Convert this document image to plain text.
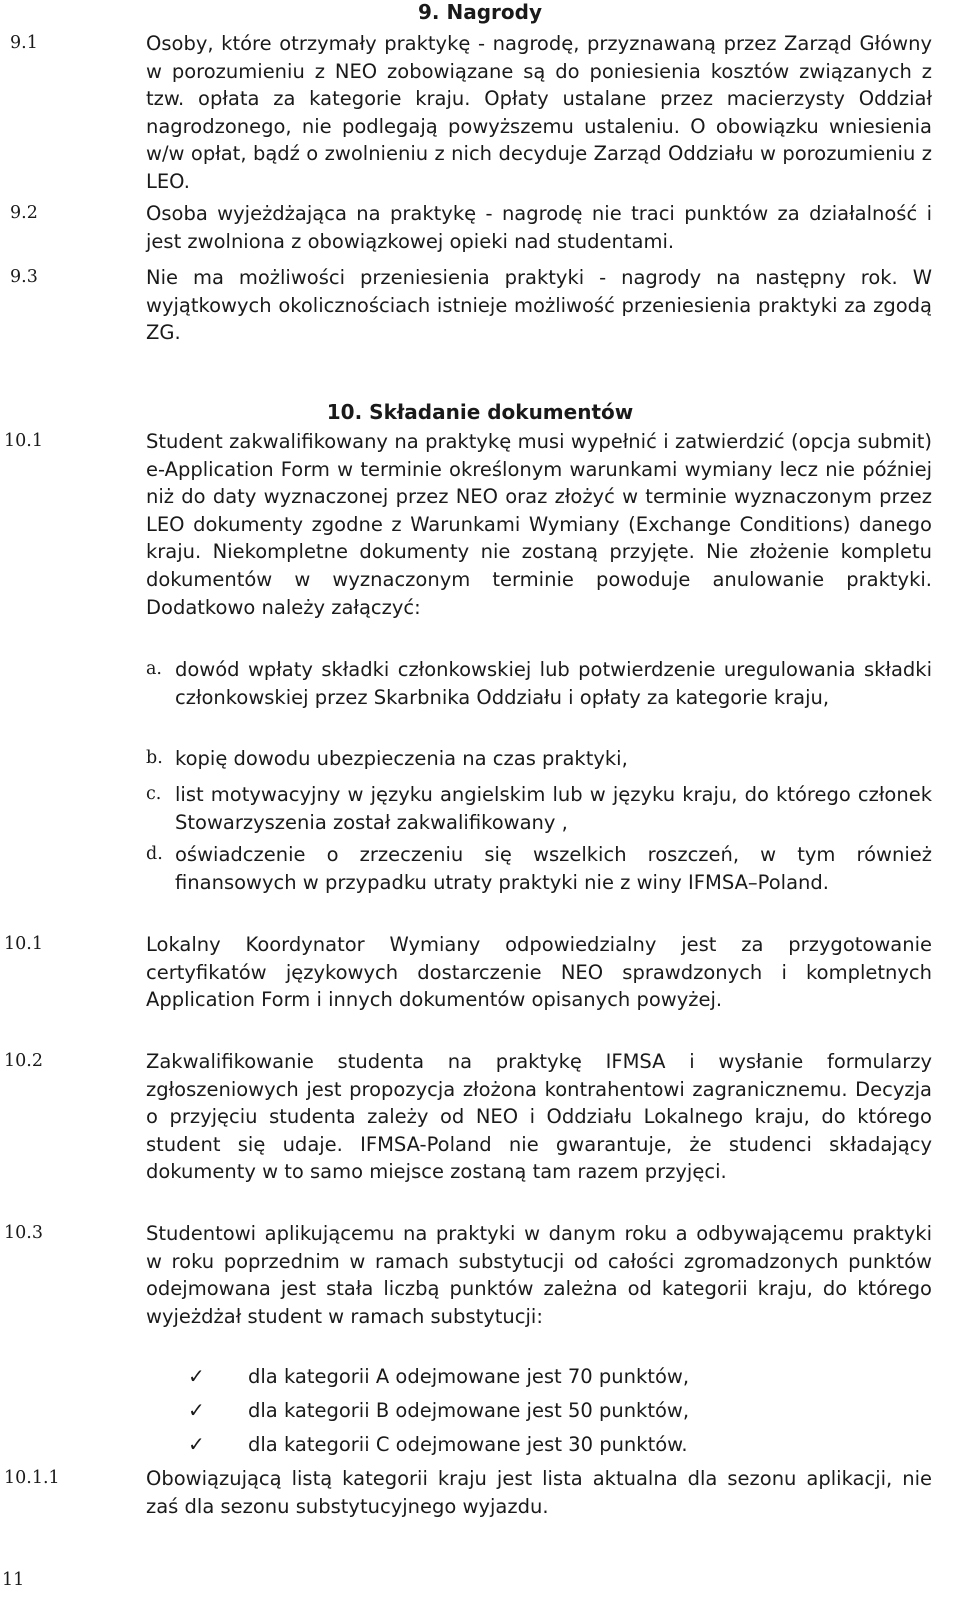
9. Nagrody
9.1	Osoby, które otrzymały praktykę - nagrodę, przyznawaną przez Zarząd Główny w porozumieniu z NEO zobowiązane są do poniesienia kosztów związanych z tzw. opłata za kategorie kraju. Opłaty ustalane przez macierzysty Oddział nagrodzonego, nie podlegają powyższemu ustaleniu. O obowiązku wniesienia w/w opłat, bądź o zwolnieniu z nich decyduje Zarząd Oddziału w porozumieniu z LEO.
9.2	Osoba wyjeżdżająca na praktykę - nagrodę nie traci punktów za działalność i jest zwolniona z obowiązkowej opieki nad studentami.
9.3	Nie ma możliwości przeniesienia praktyki - nagrody na następny rok. W wyjątkowych okolicznościach istnieje możliwość przeniesienia praktyki za zgodą ZG.
10. Składanie dokumentów
10.1	Student zakwalifikowany na praktykę musi wypełnić i zatwierdzić (opcja submit) e-Application Form w terminie określonym warunkami wymiany lecz nie później niż do daty wyznaczonej przez NEO oraz złożyć w terminie wyznaczonym przez LEO dokumenty zgodne z Warunkami Wymiany (Exchange Conditions) danego kraju. Niekompletne dokumenty nie zostaną przyjęte. Nie złożenie kompletu dokumentów w wyznaczonym terminie powoduje anulowanie praktyki. Dodatkowo należy załączyć:
a. dowód wpłaty składki członkowskiej lub potwierdzenie uregulowania składki członkowskiej przez Skarbnika Oddziału i opłaty za kategorie kraju,
b. kopię dowodu ubezpieczenia na czas praktyki,
c. list motywacyjny w języku angielskim lub w języku kraju, do którego członek Stowarzyszenia został zakwalifikowany ,
d. oświadczenie o zrzeczeniu się wszelkich roszczeń, w tym również finansowych w przypadku utraty praktyki nie z winy IFMSA–Poland.
10.1	Lokalny Koordynator Wymiany odpowiedzialny jest za przygotowanie certyfikatów językowych dostarczenie NEO sprawdzonych i kompletnych Application Form i innych dokumentów opisanych powyżej.
10.2	Zakwalifikowanie studenta na praktykę IFMSA i wysłanie formularzy zgłoszeniowych jest propozycja złożona kontrahentowi zagranicznemu. Decyzja o przyjęciu studenta zależy od NEO i Oddziału Lokalnego kraju, do którego student się udaje. IFMSA-Poland nie gwarantuje, że studenci składający dokumenty w to samo miejsce zostaną tam razem przyjęci.
10.3	Studentowi aplikującemu na praktyki w danym roku a odbywającemu praktyki w roku poprzednim w ramach substytucji od całości zgromadzonych punktów odejmowana jest stała liczbą punktów zależna od kategorii kraju, do którego wyjeżdżał student w ramach substytucji:
✓ dla kategorii A odejmowane jest 70 punktów,
✓ dla kategorii B odejmowane jest 50 punktów,
✓ dla kategorii C odejmowane jest 30 punktów.
10.1.1	Obowiązującą listą kategorii kraju jest lista aktualna dla sezonu aplikacji, nie zaś dla sezonu substytucyjnego wyjazdu.
11
